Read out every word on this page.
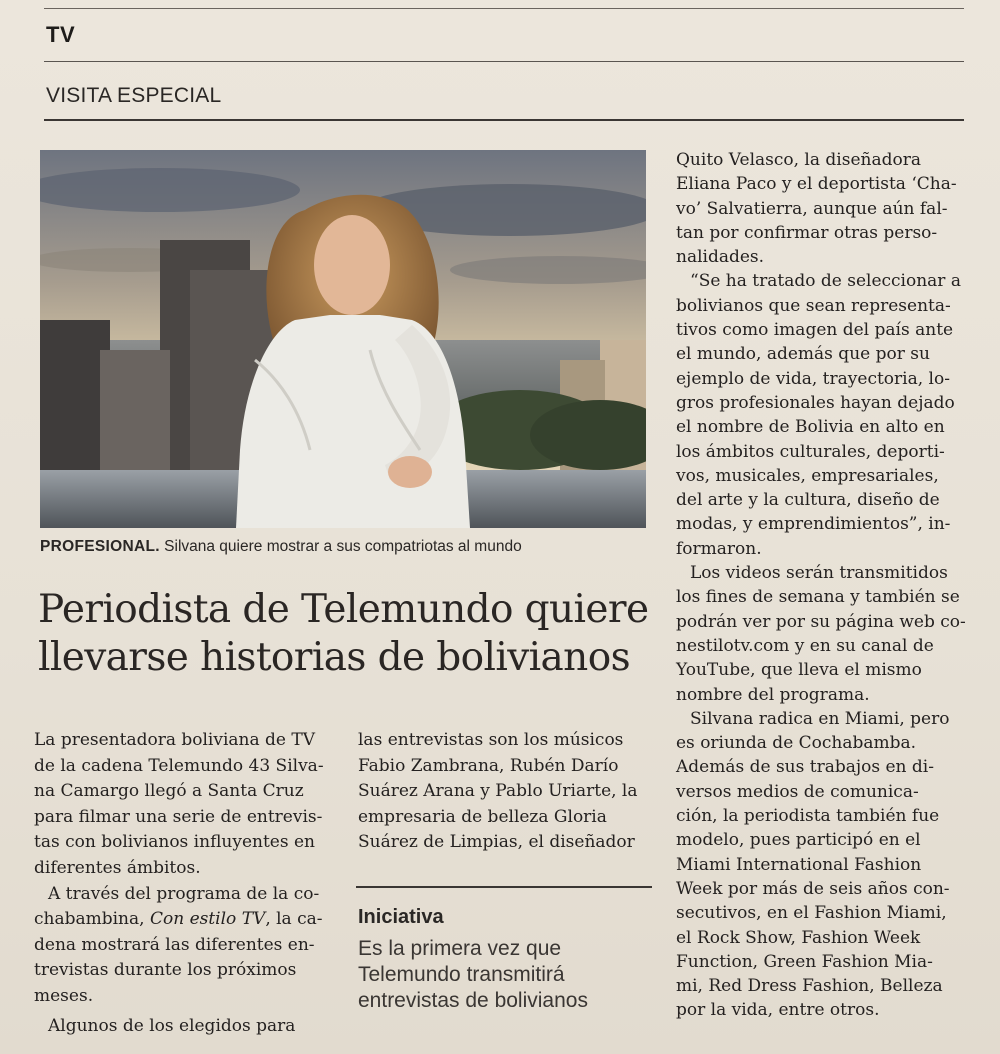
TV
VISITA ESPECIAL
PROFESIONAL. Silvana quiere mostrar a sus compatriotas al mundo
Periodista de Telemundo quiere
llevarse historias de bolivianos
La presentadora boliviana de TV
de la cadena Telemundo 43 Silva-
na Camargo llegó a Santa Cruz
para filmar una serie de entrevis-
tas con bolivianos influyentes en
diferentes ámbitos.
A través del programa de la co-
chabambina, Con estilo TV, la ca-
dena mostrará las diferentes en-
trevistas durante los próximos
meses.
Algunos de los elegidos para
las entrevistas son los músicos
Fabio Zambrana, Rubén Darío
Suárez Arana y Pablo Uriarte, la
empresaria de belleza Gloria
Suárez de Limpias, el diseñador
Iniciativa
Es la primera vez que
Telemundo transmitirá
entrevistas de bolivianos
Quito Velasco, la diseñadora
Eliana Paco y el deportista ‘Cha-
vo’ Salvatierra, aunque aún fal-
tan por confirmar otras perso-
nalidades.
“Se ha tratado de seleccionar a
bolivianos que sean representa-
tivos como imagen del país ante
el mundo, además que por su
ejemplo de vida, trayectoria, lo-
gros profesionales hayan dejado
el nombre de Bolivia en alto en
los ámbitos culturales, deporti-
vos, musicales, empresariales,
del arte y la cultura, diseño de
modas, y emprendimientos”, in-
formaron.
Los videos serán transmitidos
los fines de semana y también se
podrán ver por su página web co-
nestilotv.com y en su canal de
YouTube, que lleva el mismo
nombre del programa.
Silvana radica en Miami, pero
es oriunda de Cochabamba.
Además de sus trabajos en di-
versos medios de comunica-
ción, la periodista también fue
modelo, pues participó en el
Miami International Fashion
Week por más de seis años con-
secutivos, en el Fashion Miami,
el Rock Show, Fashion Week
Function, Green Fashion Mia-
mi, Red Dress Fashion, Belleza
por la vida, entre otros.
